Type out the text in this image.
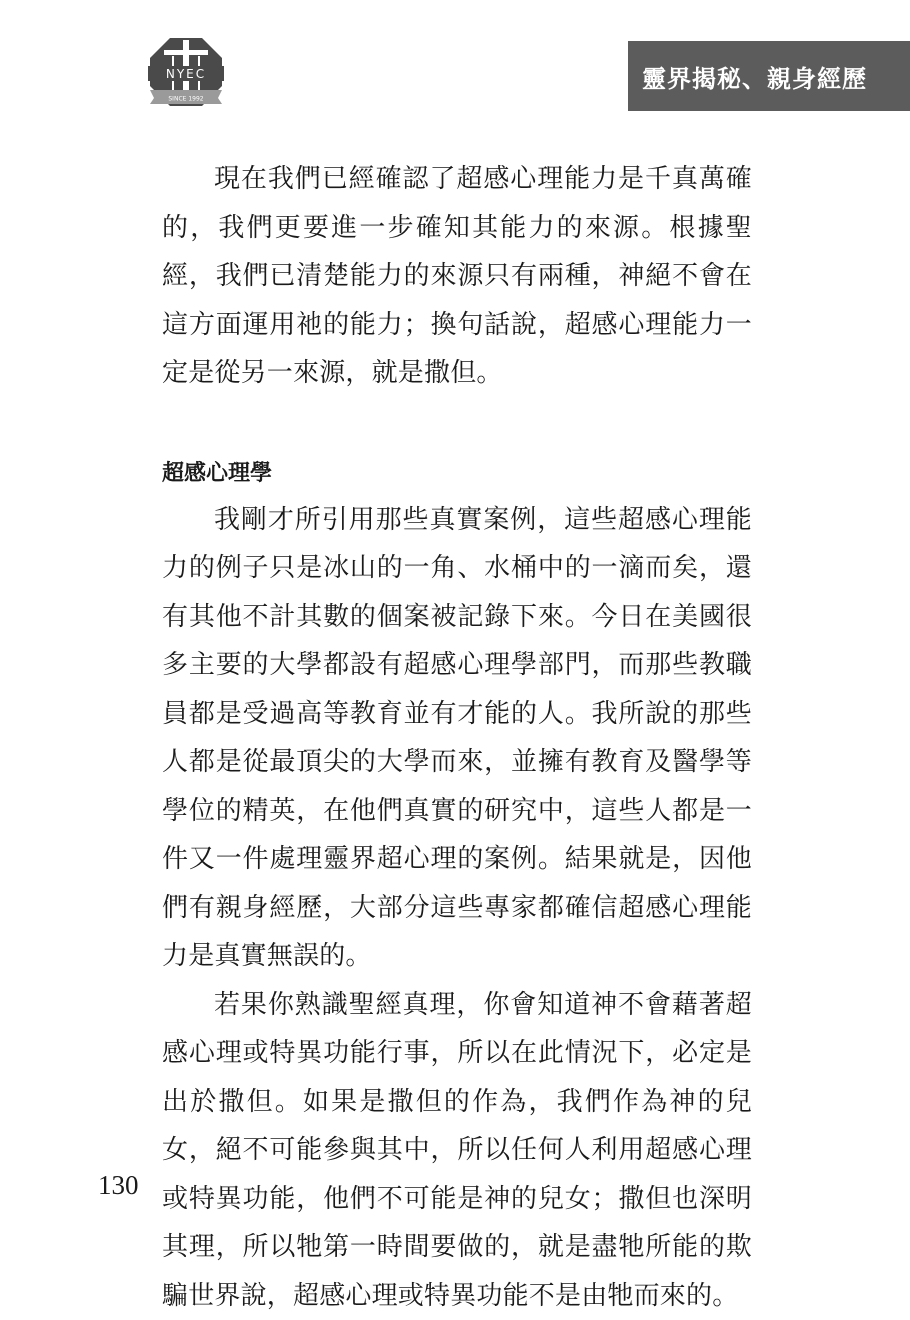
NYEC
SINCE 1992
靈界揭秘、親身經歷

現在我們已經確認了超感心理能力是千真萬確的，我們更要進一步確知其能力的來源。根據聖經，我們已清楚能力的來源只有兩種，神絕不會在這方面運用祂的能力；換句話說，超感心理能力一定是從另一來源，就是撒但。

超感心理學

我剛才所引用那些真實案例，這些超感心理能力的例子只是冰山的一角、水桶中的一滴而矣，還有其他不計其數的個案被記錄下來。今日在美國很多主要的大學都設有超感心理學部門，而那些教職員都是受過高等教育並有才能的人。我所說的那些人都是從最頂尖的大學而來，並擁有教育及醫學等學位的精英，在他們真實的研究中，這些人都是一件又一件處理靈界超心理的案例。結果就是，因他們有親身經歷，大部分這些專家都確信超感心理能力是真實無誤的。

若果你熟識聖經真理，你會知道神不會藉著超感心理或特異功能行事，所以在此情況下，必定是出於撒但。如果是撒但的作為，我們作為神的兒女，絕不可能參與其中，所以任何人利用超感心理或特異功能，他們不可能是神的兒女；撒但也深明其理，所以牠第一時間要做的，就是盡牠所能的欺騙世界說，超感心理或特異功能不是由牠而來的。

130
